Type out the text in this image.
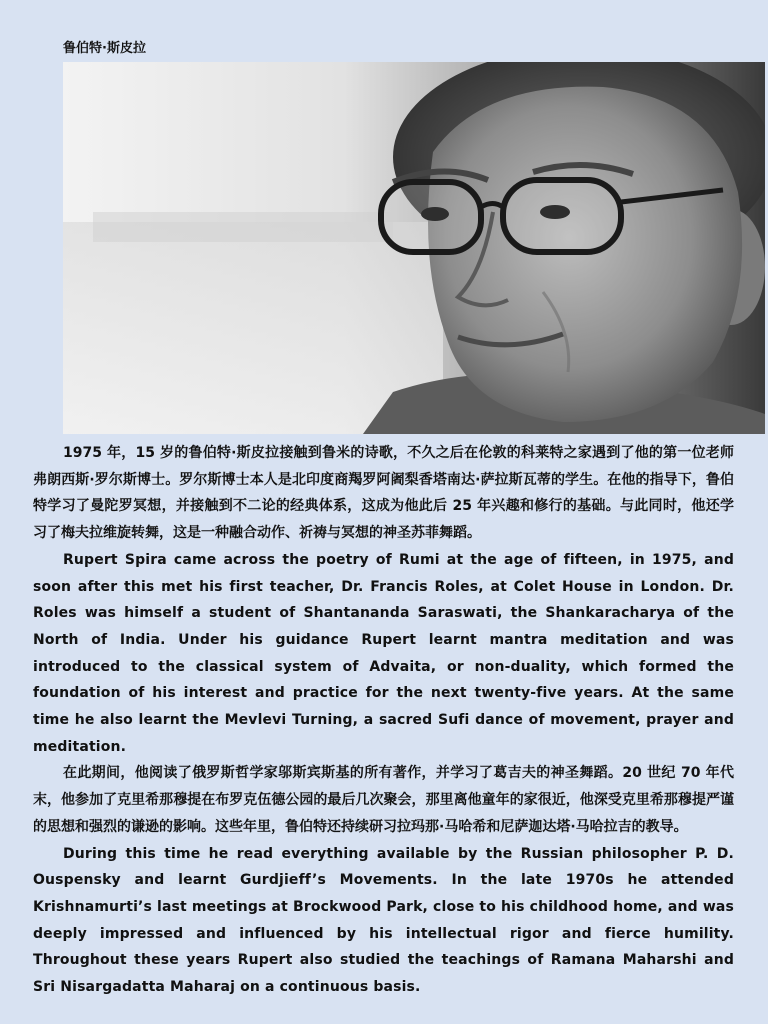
鲁伯特·斯皮拉

1975 年，15 岁的鲁伯特·斯皮拉接触到鲁米的诗歌，不久之后在伦敦的科莱特之家遇到了他的第一位老师弗朗西斯·罗尔斯博士。罗尔斯博士本人是北印度商羯罗阿阇梨香塔南达·萨拉斯瓦蒂的学生。在他的指导下，鲁伯特学习了曼陀罗冥想，并接触到不二论的经典体系，这成为他此后 25 年兴趣和修行的基础。与此同时，他还学习了梅夫拉维旋转舞，这是一种融合动作、祈祷与冥想的神圣苏菲舞蹈。

Rupert Spira came across the poetry of Rumi at the age of fifteen, in 1975, and soon after this met his first teacher, Dr. Francis Roles, at Colet House in London. Dr. Roles was himself a student of Shantananda Saraswati, the Shankaracharya of the North of India. Under his guidance Rupert learnt mantra meditation and was introduced to the classical system of Advaita, or non-duality, which formed the foundation of his interest and practice for the next twenty-five years. At the same time he also learnt the Mevlevi Turning, a sacred Sufi dance of movement, prayer and meditation.

在此期间，他阅读了俄罗斯哲学家邬斯宾斯基的所有著作，并学习了葛吉夫的神圣舞蹈。20 世纪 70 年代末，他参加了克里希那穆提在布罗克伍德公园的最后几次聚会，那里离他童年的家很近，他深受克里希那穆提严谨的思想和强烈的谦逊的影响。这些年里，鲁伯特还持续研习拉玛那·马哈希和尼萨迦达塔·马哈拉吉的教导。

During this time he read everything available by the Russian philosopher P. D. Ouspensky and learnt Gurdjieff’s Movements. In the late 1970s he attended Krishnamurti’s last meetings at Brockwood Park, close to his childhood home, and was deeply impressed and influenced by his intellectual rigor and fierce humility. Throughout these years Rupert also studied the teachings of Ramana Maharshi and Sri Nisargadatta Maharaj on a continuous basis.
